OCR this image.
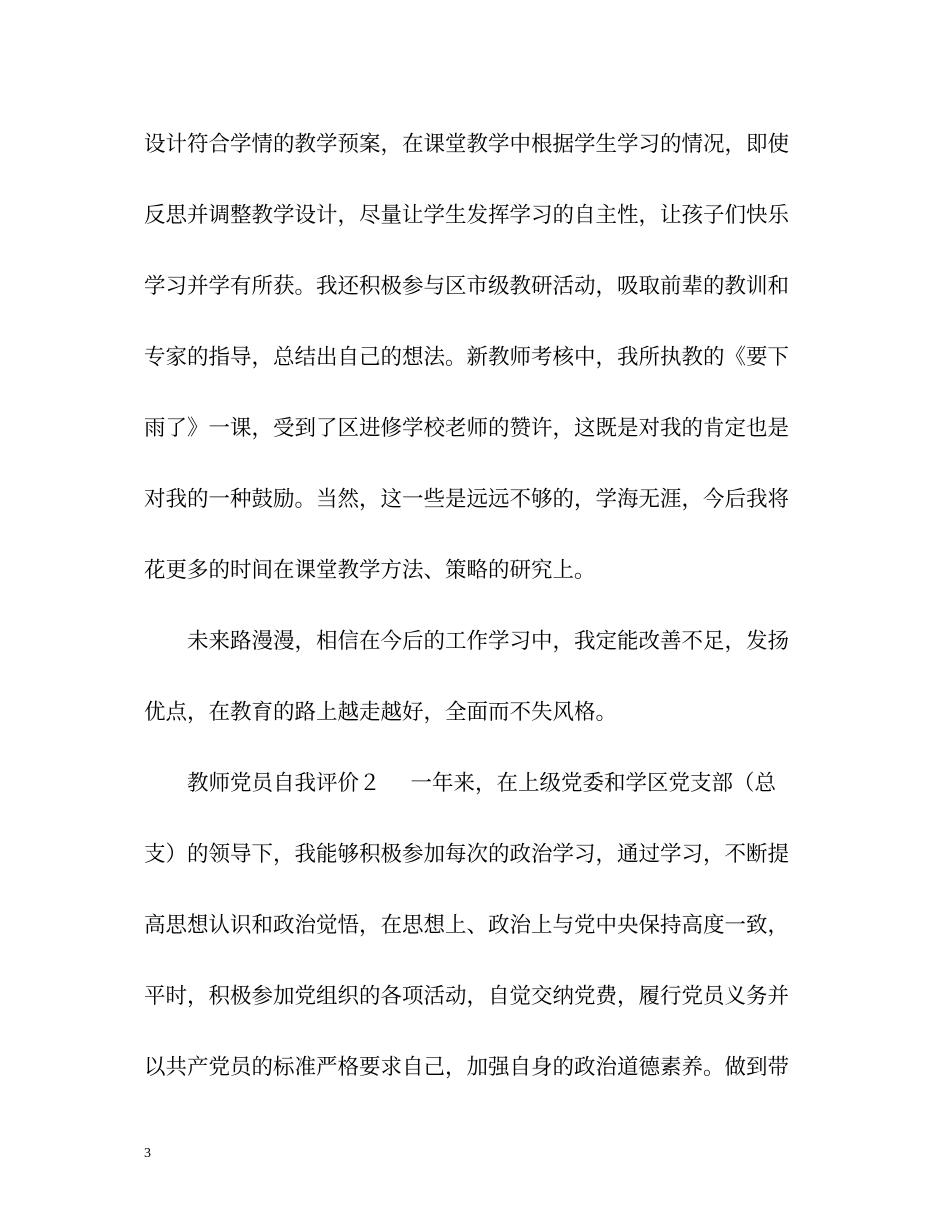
设计符合学情的教学预案，在课堂教学中根据学生学习的情况，即使
反思并调整教学设计，尽量让学生发挥学习的自主性，让孩子们快乐
学习并学有所获。我还积极参与区市级教研活动，吸取前辈的教训和
专家的指导，总结出自己的想法。新教师考核中，我所执教的《要下
雨了》一课，受到了区进修学校老师的赞许，这既是对我的肯定也是
对我的一种鼓励。当然，这一些是远远不够的，学海无涯，今后我将
花更多的时间在课堂教学方法、策略的研究上。
未来路漫漫，相信在今后的工作学习中，我定能改善不足，发扬
优点，在教育的路上越走越好，全面而不失风格。
教师党员自我评价２ 一年来，在上级党委和学区党支部（总
支）的领导下，我能够积极参加每次的政治学习，通过学习，不断提
高思想认识和政治觉悟，在思想上、政治上与党中央保持高度一致，
平时，积极参加党组织的各项活动，自觉交纳党费，履行党员义务并
以共产党员的标准严格要求自己，加强自身的政治道德素养。做到带
3
